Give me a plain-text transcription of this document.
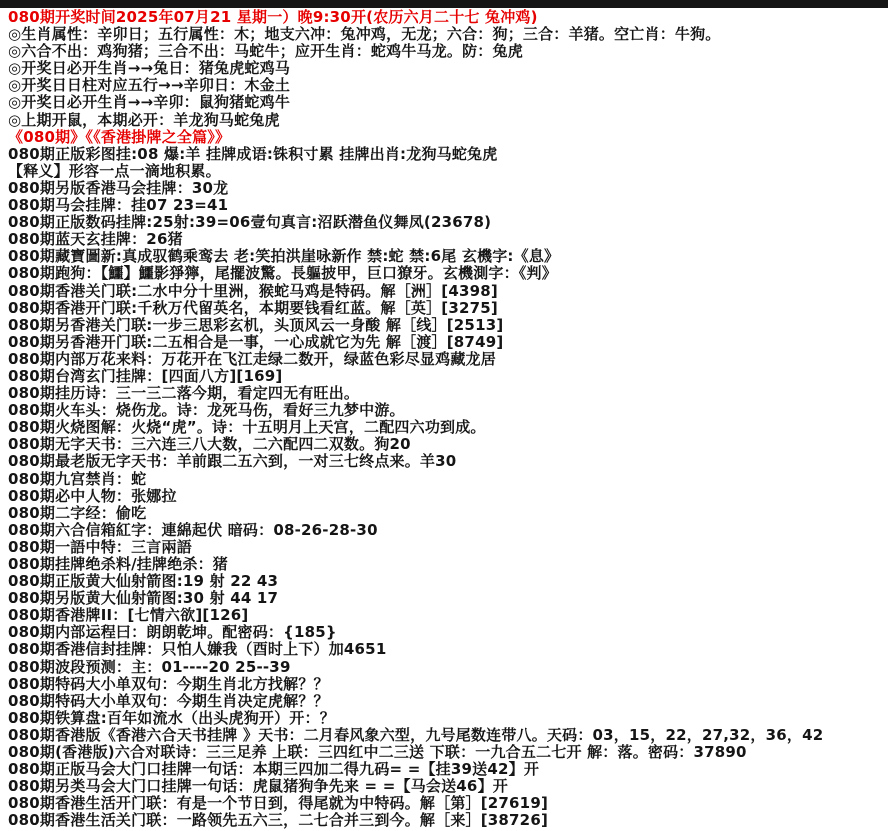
080期开奖时间2025年07月21 星期一）晚9:30开(农历六月二十七 兔冲鸡)
◎生肖属性：辛卯日；五行属性：木；地支六冲：兔冲鸡，无龙；六合：狗；三合：羊猪。空亡肖：牛狗。
◎六合不出：鸡狗猪；三合不出：马蛇牛；应开生肖：蛇鸡牛马龙。防：兔虎
◎开奖日必开生肖→→兔日：猪兔虎蛇鸡马
◎开奖日日柱对应五行→→辛卯日：木金土
◎开奖日必开生肖→→辛卯：鼠狗猪蛇鸡牛
◎上期开鼠，本期必开：羊龙狗马蛇兔虎
《080期》《《香港掛牌之全篇》》
080期正版彩图挂:08 爆:羊 挂牌成语:铢积寸累 挂牌出肖:龙狗马蛇兔虎
【释义】形容一点一滴地积累。
080期另版香港马会挂牌：30龙
080期马会挂牌：挂07 23=41
080期正版数码挂牌:25射:39=06壹句真言:沼跃潜鱼仪舞凤(23678)
080期蓝天玄挂牌：26猪
080期藏寶圖新:真成驭鹤乘鸾去 老:笑拍洪崖咏新作 禁:蛇 禁:6尾 玄機字:《息》
080期跑狗：【鱷】鱷影猙獰，尾擺波驚。長軀披甲，巨口獠牙。玄機測字：《判》
080期香港关门联:二水中分十里洲，猴蛇马鸡是特码。解［洲］[4398]
080期香港开门联:千秋万代留英名，本期要钱看红蓝。解［英］[3275]
080期另香港关门联:一步三思彩玄机，头顶风云一身酸 解［线］[2513]
080期另香港开门联:二五相合是一事，一心成就它为先 解［渡］[8749]
080期内部万花来料：万花开在飞江走绿二数开，绿蓝色彩尽显鸡藏龙居
080期台湾玄门挂牌：[四面八方][169]
080期挂历诗：三一三二落今期，看定四无有旺出。
080期火车头：烧伤龙。诗：龙死马伤，看好三九梦中游。
080期火烧图解：火烧“虎”。诗：十五明月上天宫，二配四六功到成。
080期无字天书：三六连三八大数，二六配四二双数。狗20
080期最老版无字天书：羊前跟二五六到，一对三七终点来。羊30
080期九宫禁肖：蛇
080期必中人物：张娜拉
080期二字经：偷吃
080期六合信箱紅字：連綿起伏 暗码：08-26-28-30
080期一語中特：三言兩語
080期挂牌绝杀料/挂牌绝杀：猪
080期正版黄大仙射箭图:19 射 22 43
080期另版黄大仙射箭图:30 射 44 17
080期香港牌II：[七情六欲][126]
080期内部运程曰：朗朗乾坤。配密码：{185}
080期香港信封挂牌：只怕人嫌我（酉时上下）加4651
080期波段预测：主：01----20 25--39
080期特码大小单双句：今期生肖北方找解？？
080期特码大小单双句：今期生肖决定虎解？？
080期铁算盘:百年如流水（出头虎狗开）开：？
080期香港版《香港六合天书挂牌 》天书：二月春风象六型，九号尾数连带八。天码：03，15，22，27,32，36，42
080期(香港版)六合对联诗：三三足养 上联：三四红中二三送 下联：一九合五二七开 解：落。密码：37890
080期正版马会大门口挂牌一句话：本期三四加二得九码= =【挂39送42】开
080期另类马会大门口挂牌一句话：虎鼠猪狗争先来 = =【马会送46】开
080期香港生活开门联：有是一个节日到，得尾就为中特码。解［第］[27619]
080期香港生活关门联：一路领先五六三，二七合并三到今。解［来］[38726]
